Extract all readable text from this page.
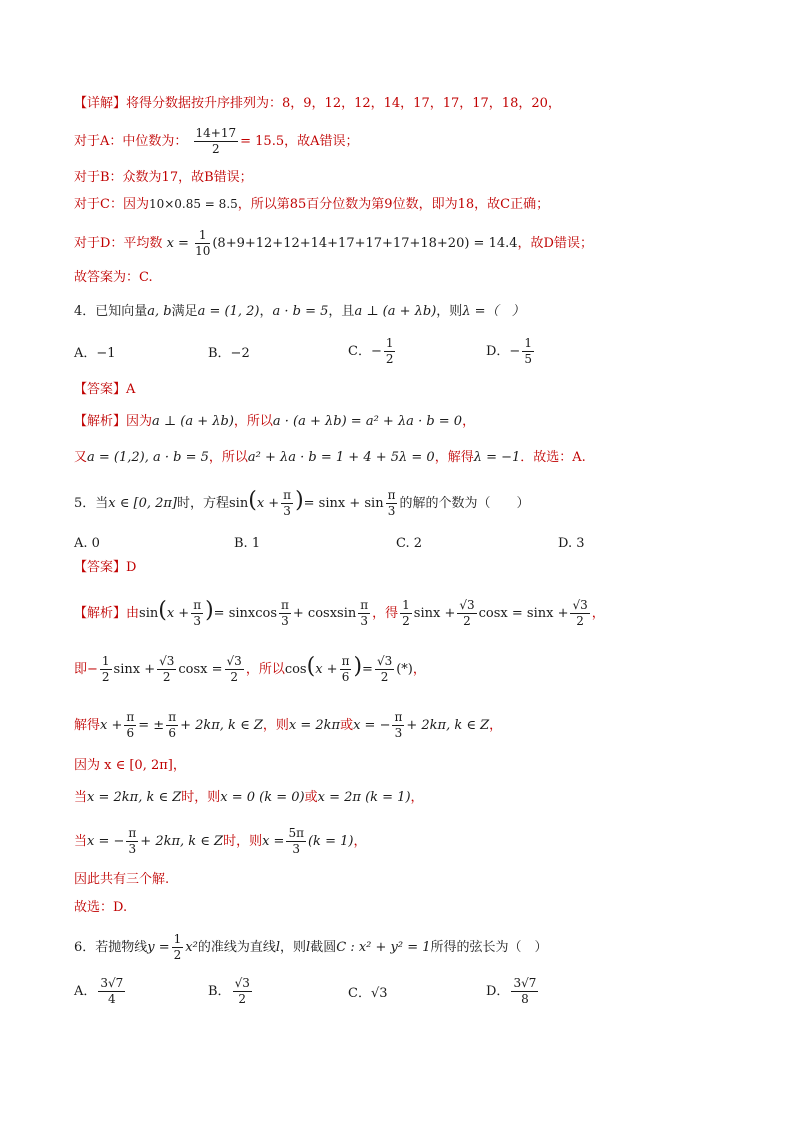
【详解】将得分数据按升序排列为：8，9，12，12，14，17，17，17，18，20，
对于A：中位数为： $\frac{14+17}{2} = 15.5$，故A错误；
对于B：众数为17，故B错误；
对于C：因为10×0.85 = 8.5，所以第85百分位数为第9位数，即为18，故C正确；
对于D：平均数 $x = \frac{1}{10} (8+9+12+12+14+17+17+17+18+20) = 14.4$，故D错误；
故答案为：C.
4．已知向量a, b满足a = (1, 2)，a · b = 5，且a ⊥ (a + λb)，则λ =（　）
A．−1	B．−2	C．− $\frac{1}{2}$	D．− $\frac{1}{5}$
【答案】A
【解析】因为a ⊥ (a + λb)，所以a · (a + λb) = a² + λa · b = 0，
又a = (1,2), a · b = 5，所以a² + λa · b = 1 + 4 + 5λ = 0，解得λ = −1．故选：A.
5．当x ∈ [0, 2π]时，方程$\sin(x + \frac{\pi}{3}$ )= $\sin x + \sin \frac{\pi}{3}$ 的解的个数为（　　）
A. 0	B. 1	C. 2	D. 3
【答案】D
【解析】由$\sin(x + \frac{\pi}{3}$ )= sinxcos $\frac{\pi}{3}$ + cosxsin $\frac{\pi}{3}$ ，得 $\frac{1}{2}$ $\sin x + \frac{√3}{2}$ $\cos x = \sin x + \frac{√3}{2}$ ，
即− $\frac{1}{2}$ $\sin x + \frac{√3}{2}$ $\cos x = \frac{√3}{2}$ ，所以$\cos(x + \frac{\pi}{6}$ )= $\frac{√3}{2}$ (*)，
解得$x + \frac{\pi}{6}$ = ± $\frac{\pi}{6} + 2k\pi$, k ∈ Z，则x = 2kπ或x = − $\frac{\pi}{3} + 2k\pi$, k ∈ Z，
因为 x ∈ [0, 2π]，
当x = 2kπ, k ∈ Z时，则x = 0 (k = 0)或x = 2π (k = 1)，
当x = − $\frac{\pi}{3} + 2k\pi$, k ∈ Z时，则$x = \frac{5\pi}{3} (k = 1)$，
因此共有三个解.
故选：D.
6．若抛物线$y = \frac{1}{2} x^2$的准线为直线l，则l截圆C : x² + y² = 1所得的弦长为（　）
A． $\frac{3√7}{4}$	B． $\frac{√3}{2}$	C．√3	D． $\frac{3√7}{8}$
